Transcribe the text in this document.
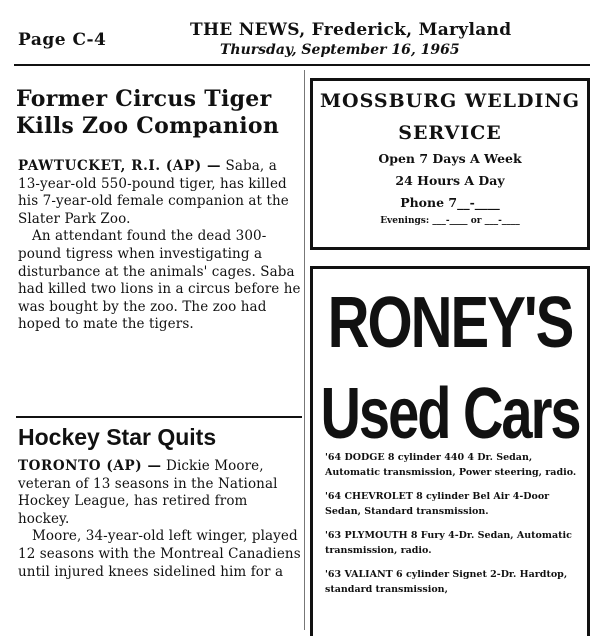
Page C-4	THE NEWS, Frederick, Maryland
Thursday, September 16, 1965
Former Circus Tiger Kills Zoo Companion

PAWTUCKET, R.I. (AP) — Saba, a 13-year-old 550-pound tiger, has killed his 7-year-old female companion at the Slater Park Zoo.

An attendant found the dead 300-pound tigress when investigating a disturbance at the animals' cages. Saba had killed two lions in a circus before he was bought by the zoo. The zoo had hoped to mate the tigers.

Hockey Star Quits

TORONTO (AP) — Dickie Moore, veteran of 13 seasons in the National Hockey League, has retired from hockey.

Moore, 34-year-old left winger, played 12 seasons with the Montreal Canadiens until injured knees sidelined him for a

MOSSBURG WELDING
SERVICE
Open 7 Days A Week
24 Hours A Day
Phone 7__-____
Evenings: ___-____ or ___-____
RONEY'S
Used Cars
'64 DODGE 8 cylinder 440 4 Dr. Sedan, Automatic transmission, Power steering, radio.
'64 CHEVROLET 8 cylinder Bel Air 4-Door Sedan, Standard transmission.
'63 PLYMOUTH 8 Fury 4-Dr. Sedan, Automatic transmission, radio.
'63 VALIANT 6 cylinder Signet 2-Dr. Hardtop, standard transmission,
